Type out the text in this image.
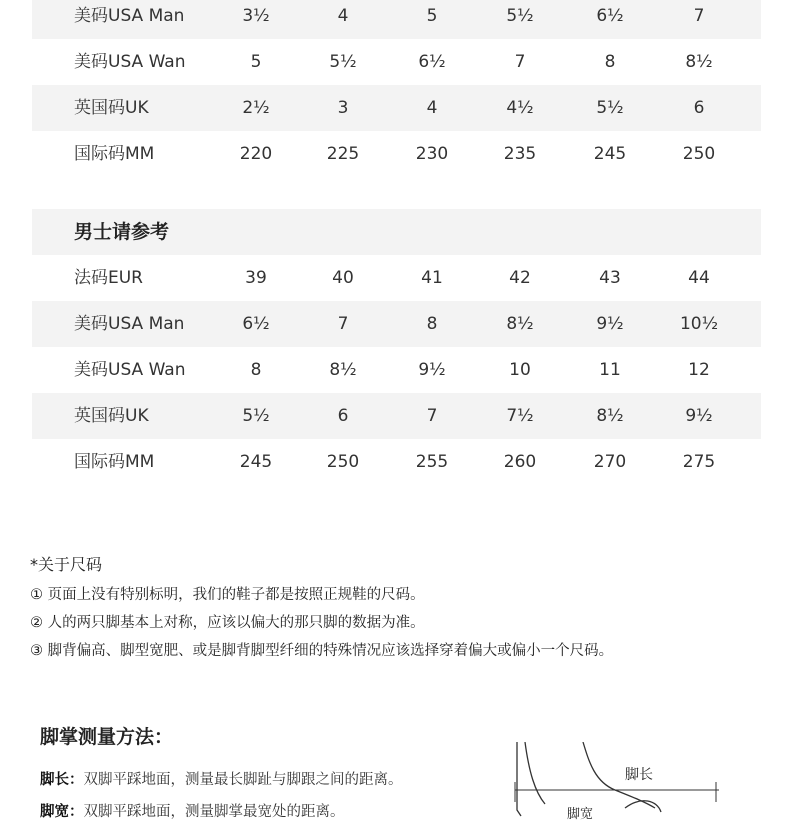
美码USA Man	3½	4	5	5½	6½	7
美码USA Wan	5	5½	6½	7	8	8½
英国码UK	2½	3	4	4½	5½	6
国际码MM	220	225	230	235	245	250
男士请参考
法码EUR	39	40	41	42	43	44
美码USA Man	6½	7	8	8½	9½	10½
美码USA Wan	8	8½	9½	10	11	12
英国码UK	5½	6	7	7½	8½	9½
国际码MM	245	250	255	260	270	275
*关于尺码
① 页面上没有特别标明，我们的鞋子都是按照正规鞋的尺码。
② 人的两只脚基本上对称，应该以偏大的那只脚的数据为准。
③ 脚背偏高、脚型宽肥、或是脚背脚型纤细的特殊情况应该选择穿着偏大或偏小一个尺码。
脚掌测量方法：
脚长：双脚平踩地面，测量最长脚趾与脚跟之间的距离。
脚宽：双脚平踩地面，测量脚掌最宽处的距离。
脚长
脚宽
